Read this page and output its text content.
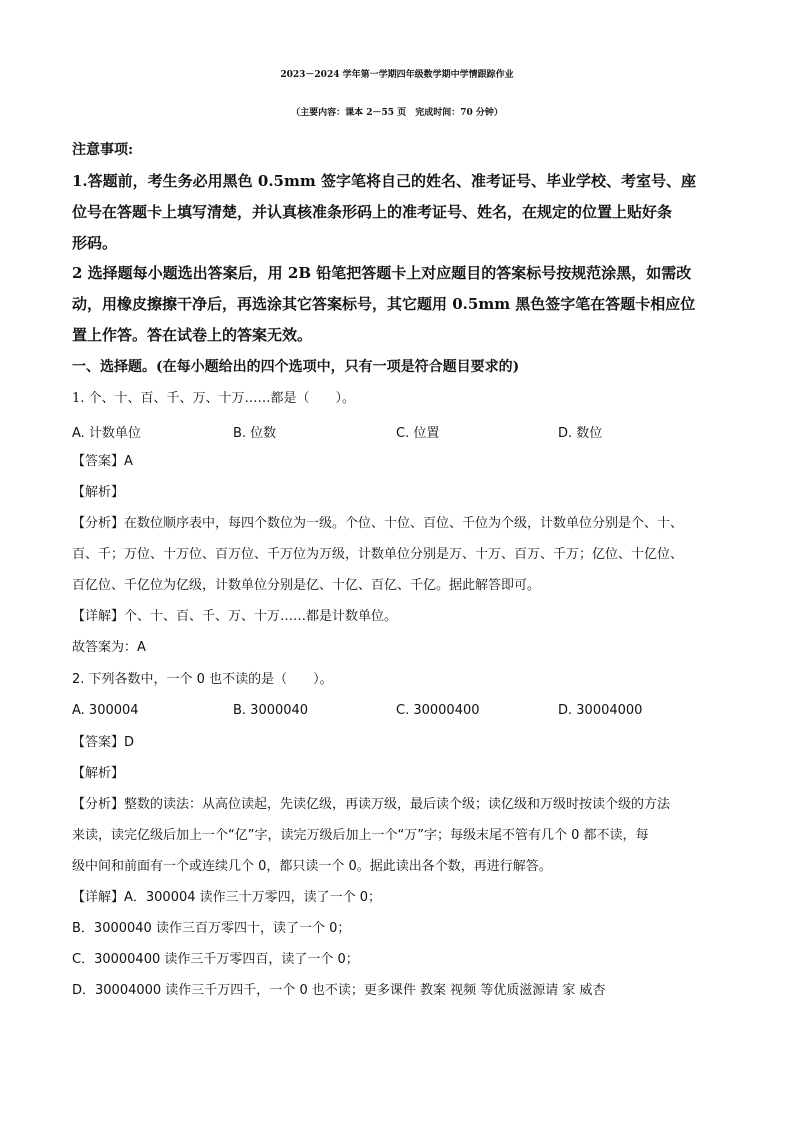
2023－2024 学年第一学期四年级数学期中学情跟踪作业
（主要内容：课本 2－55 页　完成时间：70 分钟）
注意事项:
1.答题前，考生务必用黑色 0.5mm 签字笔将自己的姓名、准考证号、毕业学校、考室号、座
位号在答题卡上填写清楚，并认真核准条形码上的准考证号、姓名，在规定的位置上贴好条
形码。
2 选择题每小题选出答案后，用 2B 铅笔把答题卡上对应题目的答案标号按规范涂黑，如需改
动，用橡皮擦擦干净后，再选涂其它答案标号，其它题用 0.5mm 黑色签字笔在答题卡相应位
置上作答。答在试卷上的答案无效。
一、选择题。(在每小题给出的四个选项中，只有一项是符合题目要求的)
1. 个、十、百、千、万、十万……都是（　　）。
A. 计数单位	B. 位数	C. 位置	D. 数位
【答案】A
【解析】
【分析】在数位顺序表中，每四个数位为一级。个位、十位、百位、千位为个级，计数单位分别是个、十、
百、千；万位、十万位、百万位、千万位为万级，计数单位分别是万、十万、百万、千万；亿位、十亿位、
百亿位、千亿位为亿级，计数单位分别是亿、十亿、百亿、千亿。据此解答即可。
【详解】个、十、百、千、万、十万……都是计数单位。
故答案为：A
2. 下列各数中，一个 0 也不读的是（　　）。
A. 300004	B. 3000040	C. 30000400	D. 30004000
【答案】D
【解析】
【分析】整数的读法：从高位读起，先读亿级，再读万级，最后读个级；读亿级和万级时按读个级的方法
来读，读完亿级后加上一个“亿”字，读完万级后加上一个“万”字；每级末尾不管有几个 0 都不读，每
级中间和前面有一个或连续几个 0，都只读一个 0。据此读出各个数，再进行解答。
【详解】A．300004 读作三十万零四，读了一个 0；
B．3000040 读作三百万零四十，读了一个 0；
C．30000400 读作三千万零四百，读了一个 0；
D．30004000 读作三千万四千，一个 0 也不读；更多课件 教案 视频 等优质滋源请 家 威杏
